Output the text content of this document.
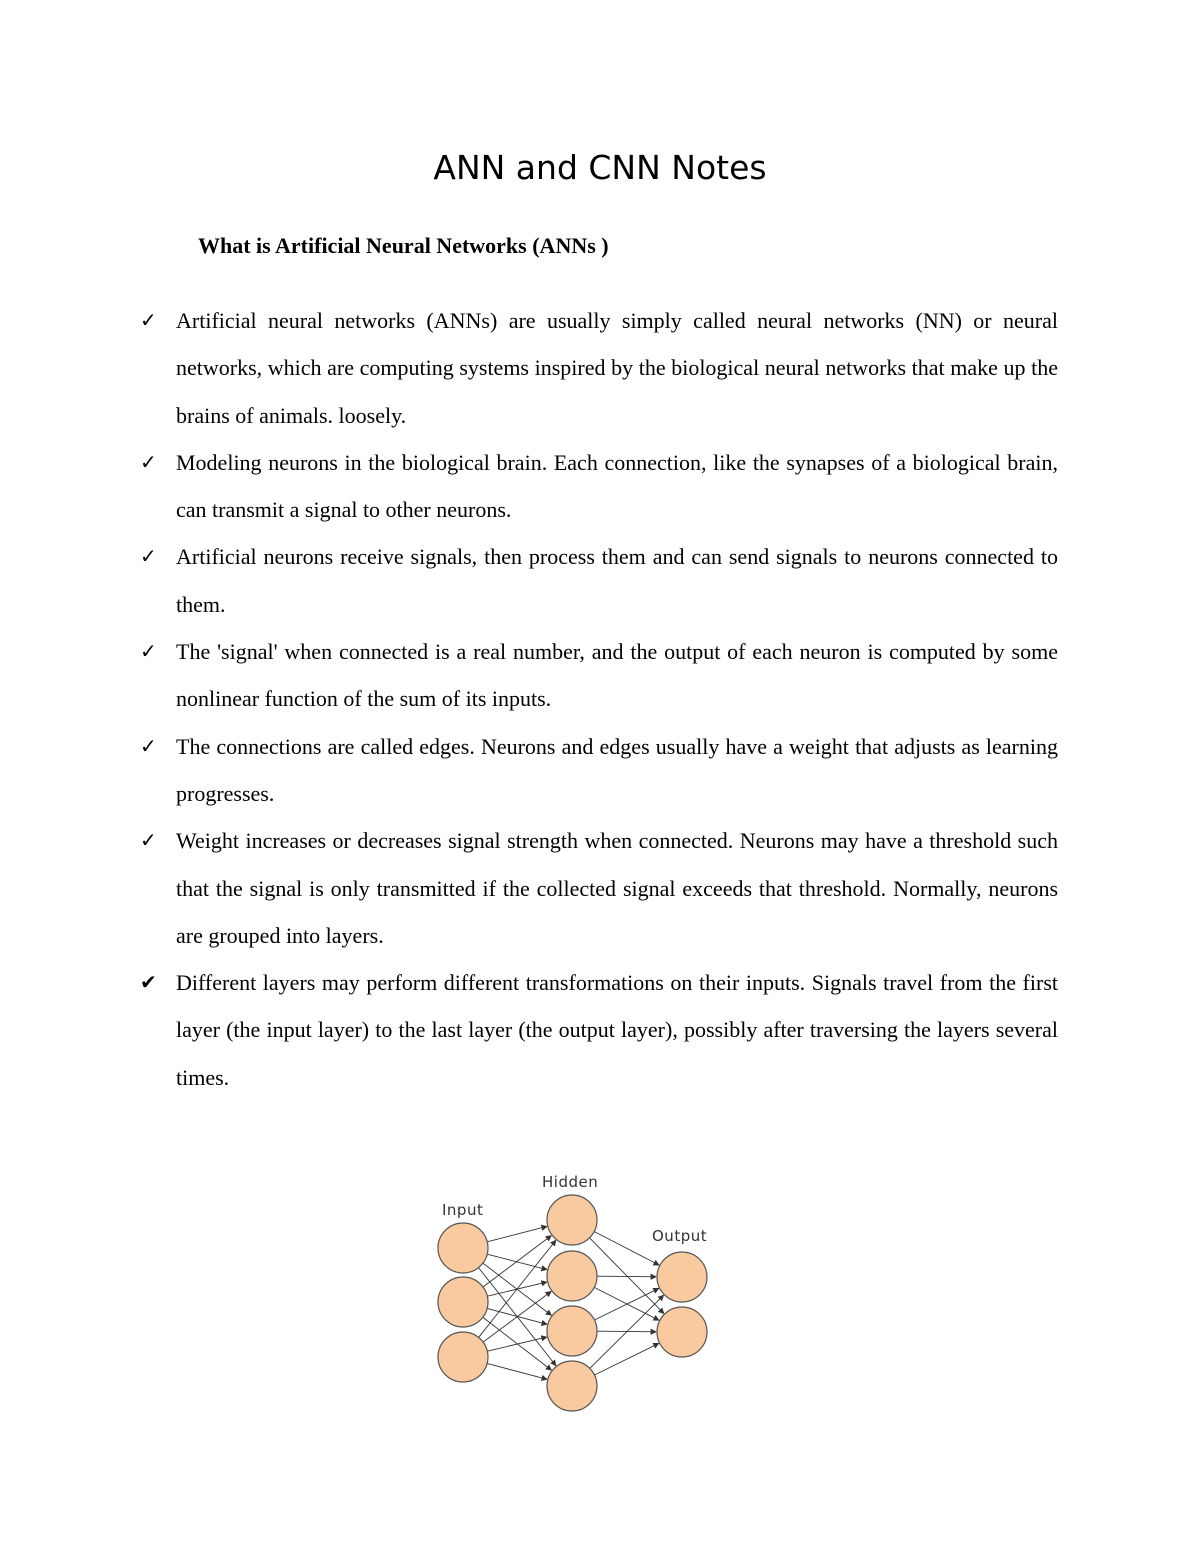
ANN and CNN Notes
What is Artificial Neural Networks (ANNs )
✓ Artificial neural networks (ANNs) are usually simply called neural networks (NN) or neural networks, which are computing systems inspired by the biological neural networks that make up the brains of animals. loosely.
✓ Modeling neurons in the biological brain. Each connection, like the synapses of a biological brain, can transmit a signal to other neurons.
✓ Artificial neurons receive signals, then process them and can send signals to neurons connected to them.
✓ The 'signal' when connected is a real number, and the output of each neuron is computed by some nonlinear function of the sum of its inputs.
✓ The connections are called edges. Neurons and edges usually have a weight that adjusts as learning progresses.
✓ Weight increases or decreases signal strength when connected. Neurons may have a threshold such that the signal is only transmitted if the collected signal exceeds that threshold. Normally, neurons are grouped into layers.
✔ Different layers may perform different transformations on their inputs. Signals travel from the first layer (the input layer) to the last layer (the output layer), possibly after traversing the layers several times.
Input
Hidden
Output
